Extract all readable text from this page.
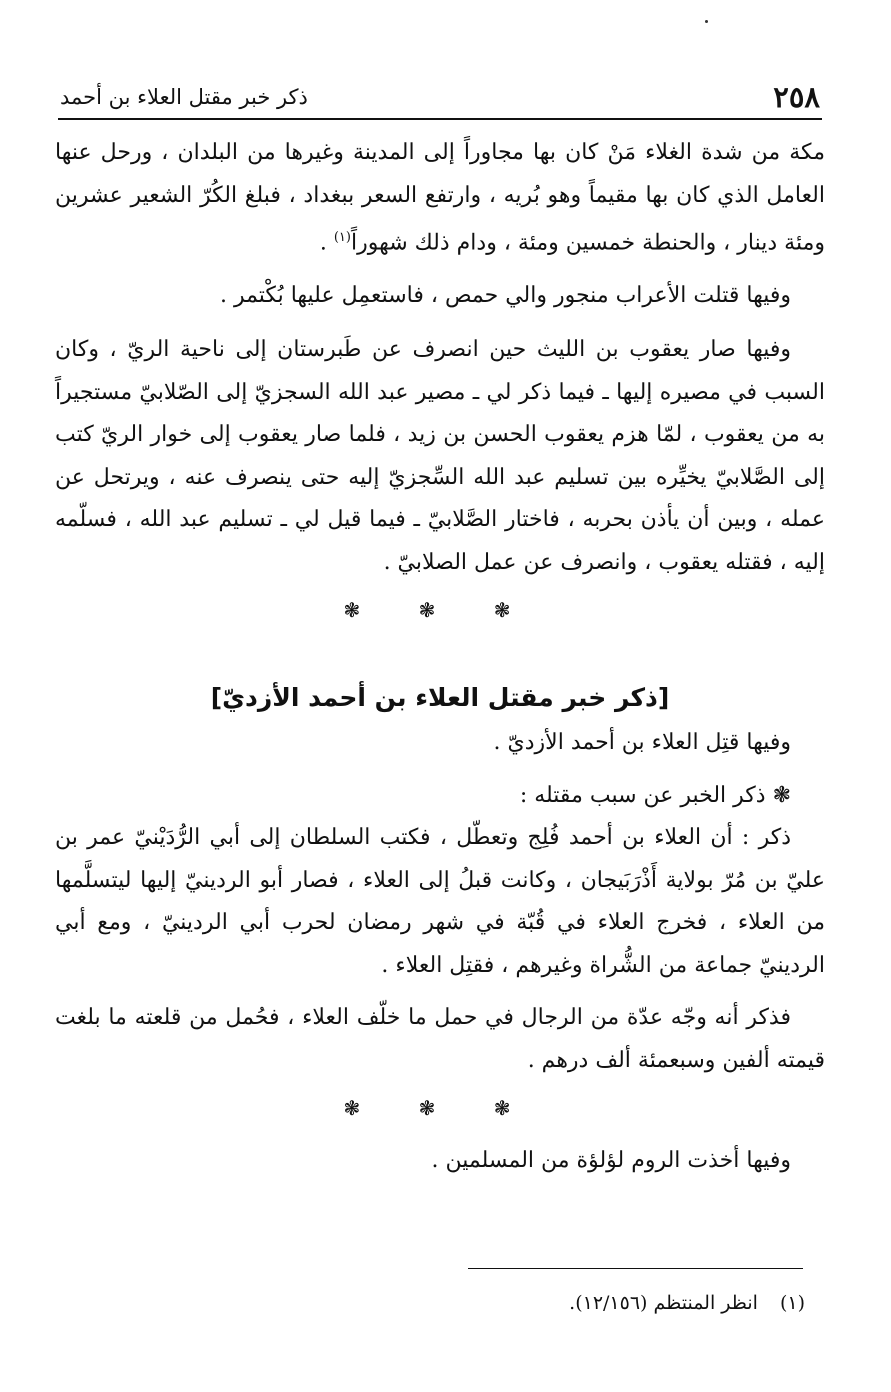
٢٥٨
ذكر خبر مقتل العلاء بن أحمد

مكة من شدة الغلاء مَنْ كان بها مجاوراً إلى المدينة وغيرها من البلدان ، ورحل عنها العامل الذي كان بها مقيماً وهو بُريه ، وارتفع السعر ببغداد ، فبلغ الكُرّ الشعير عشرين ومئة دينار ، والحنطة خمسين ومئة ، ودام ذلك شهوراً$^{(١)}$ .

وفيها قتلت الأعراب منجور والي حمص ، فاستعمِل عليها بُكْتمر .

وفيها صار يعقوب بن الليث حين انصرف عن طَبرستان إلى ناحية الريّ ، وكان السبب في مصيره إليها ـ فيما ذكر لي ـ مصير عبد الله السجزيّ إلى الصّلابيّ مستجيراً به من يعقوب ، لمّا هزم يعقوب الحسن بن زيد ، فلما صار يعقوب إلى خوار الريّ كتب إلى الصَّلابيّ يخيِّره بين تسليم عبد الله السِّجزيّ إليه حتى ينصرف عنه ، ويرتحل عن عمله ، وبين أن يأذن بحربه ، فاختار الصَّلابيّ ـ فيما قيل لي ـ تسليم عبد الله ، فسلّمه إليه ، فقتله يعقوب ، وانصرف عن عمل الصلابيّ .

❃ ❃ ❃
[ذكر خبر مقتل العلاء بن أحمد الأزديّ]

وفيها قتِل العلاء بن أحمد الأزديّ .

❃ ذكر الخبر عن سبب مقتله :

ذكر : أن العلاء بن أحمد فُلِج وتعطّل ، فكتب السلطان إلى أبي الرُّدَيْنيّ عمر بن عليّ بن مُرّ بولاية أَذْرَبَيجان ، وكانت قبلُ إلى العلاء ، فصار أبو الردينيّ إليها ليتسلَّمها من العلاء ، فخرج العلاء في قُبّة في شهر رمضان لحرب أبي الردينيّ ، ومع أبي الردينيّ جماعة من الشُّراة وغيرهم ، فقتِل العلاء .

فذكر أنه وجّه عدّة من الرجال في حمل ما خلّف العلاء ، فحُمل من قلعته ما بلغت قيمته ألفين وسبعمئة ألف درهم .

❃ ❃ ❃

وفيها أخذت الروم لؤلؤة من المسلمين .

(١)انظر المنتظم (١٢/١٥٦).
